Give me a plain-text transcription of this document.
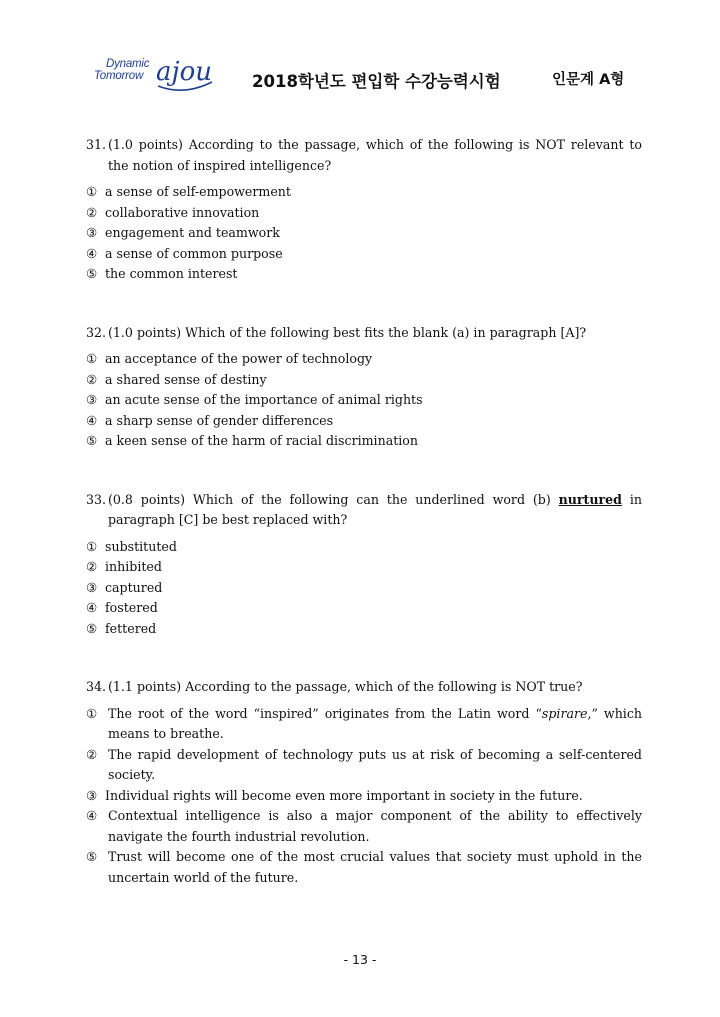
Dynamic
Tomorrow ajou 2018학년도 편입학 수강능력시험	인문계 A형
31. (1.0 points) According to the passage, which of the following is NOT relevant to the notion of inspired intelligence?
① a sense of self-empowerment
② collaborative innovation
③ engagement and teamwork
④ a sense of common purpose
⑤ the common interest
32. (1.0 points) Which of the following best fits the blank (a) in paragraph [A]?
① an acceptance of the power of technology
② a shared sense of destiny
③ an acute sense of the importance of animal rights
④ a sharp sense of gender differences
⑤ a keen sense of the harm of racial discrimination
33. (0.8 points) Which of the following can the underlined word (b) nurtured in paragraph [C] be best replaced with?
① substituted
② inhibited
③ captured
④ fostered
⑤ fettered
34. (1.1 points) According to the passage, which of the following is NOT true?
① The root of the word “inspired” originates from the Latin word “spirare,” which means to breathe.
② The rapid development of technology puts us at risk of becoming a self-centered society.
③ Individual rights will become even more important in society in the future.
④ Contextual intelligence is also a major component of the ability to effectively navigate the fourth industrial revolution.
⑤ Trust will become one of the most crucial values that society must uphold in the uncertain world of the future.
- 13 -
